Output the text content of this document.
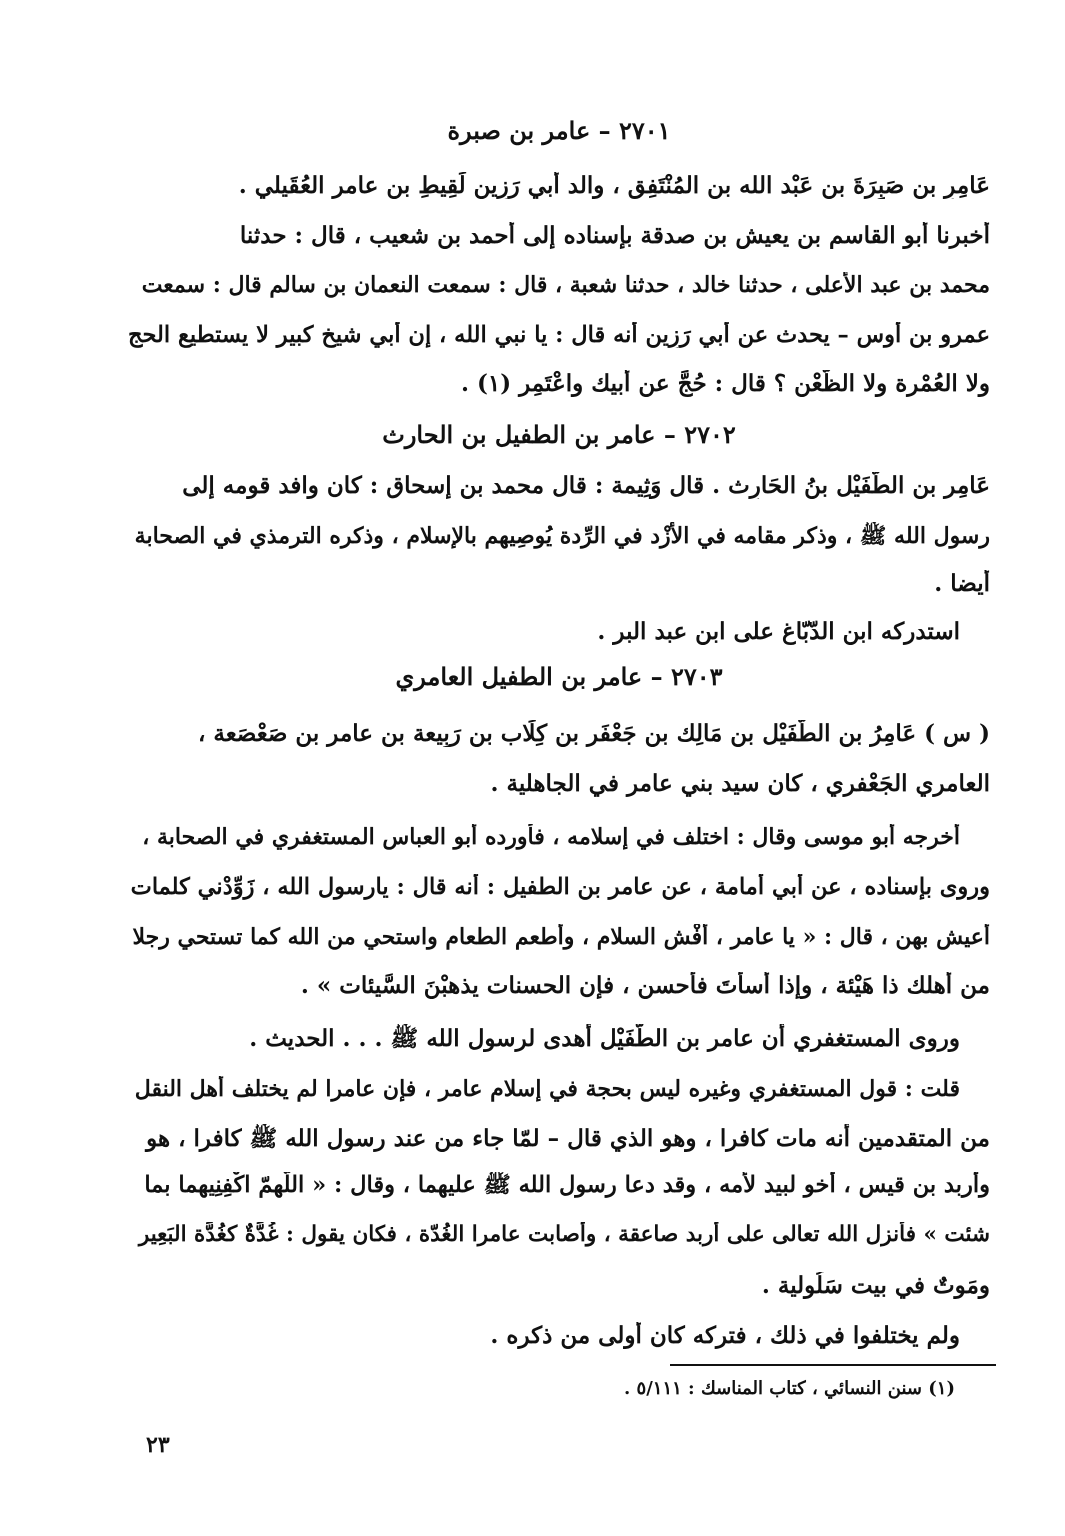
٢٧٠١ – عامر بن صبرة
عَامِرِ بن صَبِرَةَ بن عَبْد الله بن المُنْتَفِق ، والد أبي رَزِين لَقِيطِ بن عامر العُقَيلي .
أخبرنا أبو القاسم بن يعيش بن صدقة بإسناده إلى أحمد بن شعيب ، قال : حدثنا
محمد بن عبد الأعلى ، حدثنا خالد ، حدثنا شعبة ، قال : سمعت النعمان بن سالم قال : سمعت
عمرو بن أوس – يحدث عن أبي رَزِين أنه قال : يا نبي الله ، إن أبي شيخ كبير لا يستطيع الحج
ولا العُمْرة ولا الظَّعْن ؟ قال : حُجَّ عن أبيك واعْتَمِر (١) .
٢٧٠٢ – عامر بن الطفيل بن الحارث
عَامِر بن الطُّفَيْل بنُ الحَارِث . قال وَثِيمة : قال محمد بن إسحاق : كان وافد قومه إلى
رسول الله ﷺ ، وذكر مقامه في الأَزْد في الرِّدة يُوصِيهم بالإسلام ، وذكره الترمذي في الصحابة
أيضا .
استدركه ابن الدّبّاغ على ابن عبد البر .
٢٧٠٣ – عامر بن الطفيل العامري
( س ) عَامِرُ بن الطُّفَيْل بن مَالِك بن جَعْفَر بن كِلَاب بن رَبِيعة بن عامر بن صَعْصَعة ،
العامري الجَعْفري ، كان سيد بني عامر في الجاهلية .
أخرجه أبو موسى وقال : اختلف في إسلامه ، فأورده أبو العباس المستغفري في الصحابة ،
وروى بإسناده ، عن أبي أُمامة ، عن عامر بن الطفيل : أنه قال : يارسول الله ، زَوِّدْني كلمات
أعيش بهن ، قال : « يا عامر ، أفْشِ السلام ، وأطعم الطعام واستحي من الله كما تستحي رجلا
من أهلك ذا هَيْئة ، وإذا أسأْتَ فأحسن ، فإن الحسنات يذهبْنَ السَّيئات » .
وروى المستغفري أن عامر بن الطُّفَيْل أهدى لرسول الله ﷺ . . . الحديث .
قلت : قول المستغفري وغيره ليس بحجة في إسلام عامر ، فإن عامرا لم يختلف أهل النقل
من المتقدمين أنه مات كافرا ، وهو الذي قال – لمّا جاء من عند رسول الله ﷺ كافرا ، هو
وأربد بن قيس ، أخو لبيد لأمه ، وقد دعا رسول الله ﷺ عليهما ، وقال : « اللّهمّ اكْفِنِيهما بما
شئت » فأنزل الله تعالى على أربد صاعقة ، وأصابت عامرا الغُدّة ، فكان يقول : غُدَّةٌ كغُدَّة البَعِير
ومَوتٌ في بيت سَلُولية .
ولم يختلفوا في ذلك ، فتركه كان أولى من ذكره .
(١) سنن النسائي ، كتاب المناسك : ٥/١١١ .
٢٣
